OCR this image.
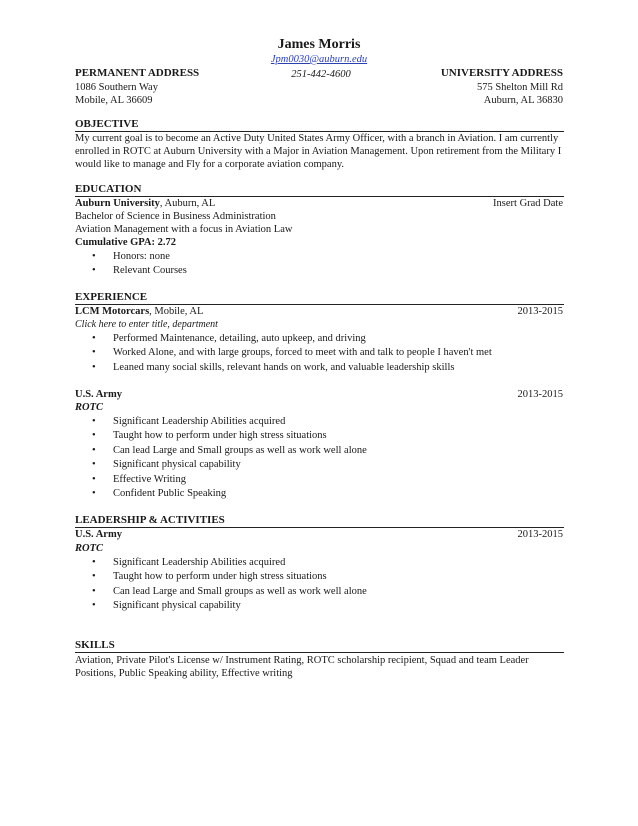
James Morris
Jpm0030@auburn.edu
PERMANENT ADDRESS	251-442-4600	UNIVERSITY ADDRESS
1086 Southern Way	575 Shelton Mill Rd
Mobile, AL 36609	Auburn, AL 36830
OBJECTIVE
My current goal is to become an Active Duty United States Army Officer, with a branch in Aviation. I am currently enrolled in ROTC at Auburn University with a Major in Aviation Management. Upon retirement from the Military I would like to manage and Fly for a corporate aviation company.
EDUCATION
Auburn University, Auburn, AL	Insert Grad Date
Bachelor of Science in Business Administration
Aviation Management with a focus in Aviation Law
Cumulative GPA: 2.72
• Honors: none
• Relevant Courses
EXPERIENCE
LCM Motorcars, Mobile, AL	2013-2015
Click here to enter title, department
• Performed Maintenance, detailing, auto upkeep, and driving
• Worked Alone, and with large groups, forced to meet with and talk to people I haven't met
• Leaned many social skills, relevant hands on work, and valuable leadership skills
U.S. Army	2013-2015
ROTC
• Significant Leadership Abilities acquired
• Taught how to perform under high stress situations
• Can lead Large and Small groups as well as work well alone
• Significant physical capability
• Effective Writing
• Confident Public Speaking
LEADERSHIP & ACTIVITIES
U.S. Army	2013-2015
ROTC
• Significant Leadership Abilities acquired
• Taught how to perform under high stress situations
• Can lead Large and Small groups as well as work well alone
• Significant physical capability
SKILLS
Aviation, Private Pilot's License w/ Instrument Rating, ROTC scholarship recipient, Squad and team Leader Positions, Public Speaking ability, Effective writing
